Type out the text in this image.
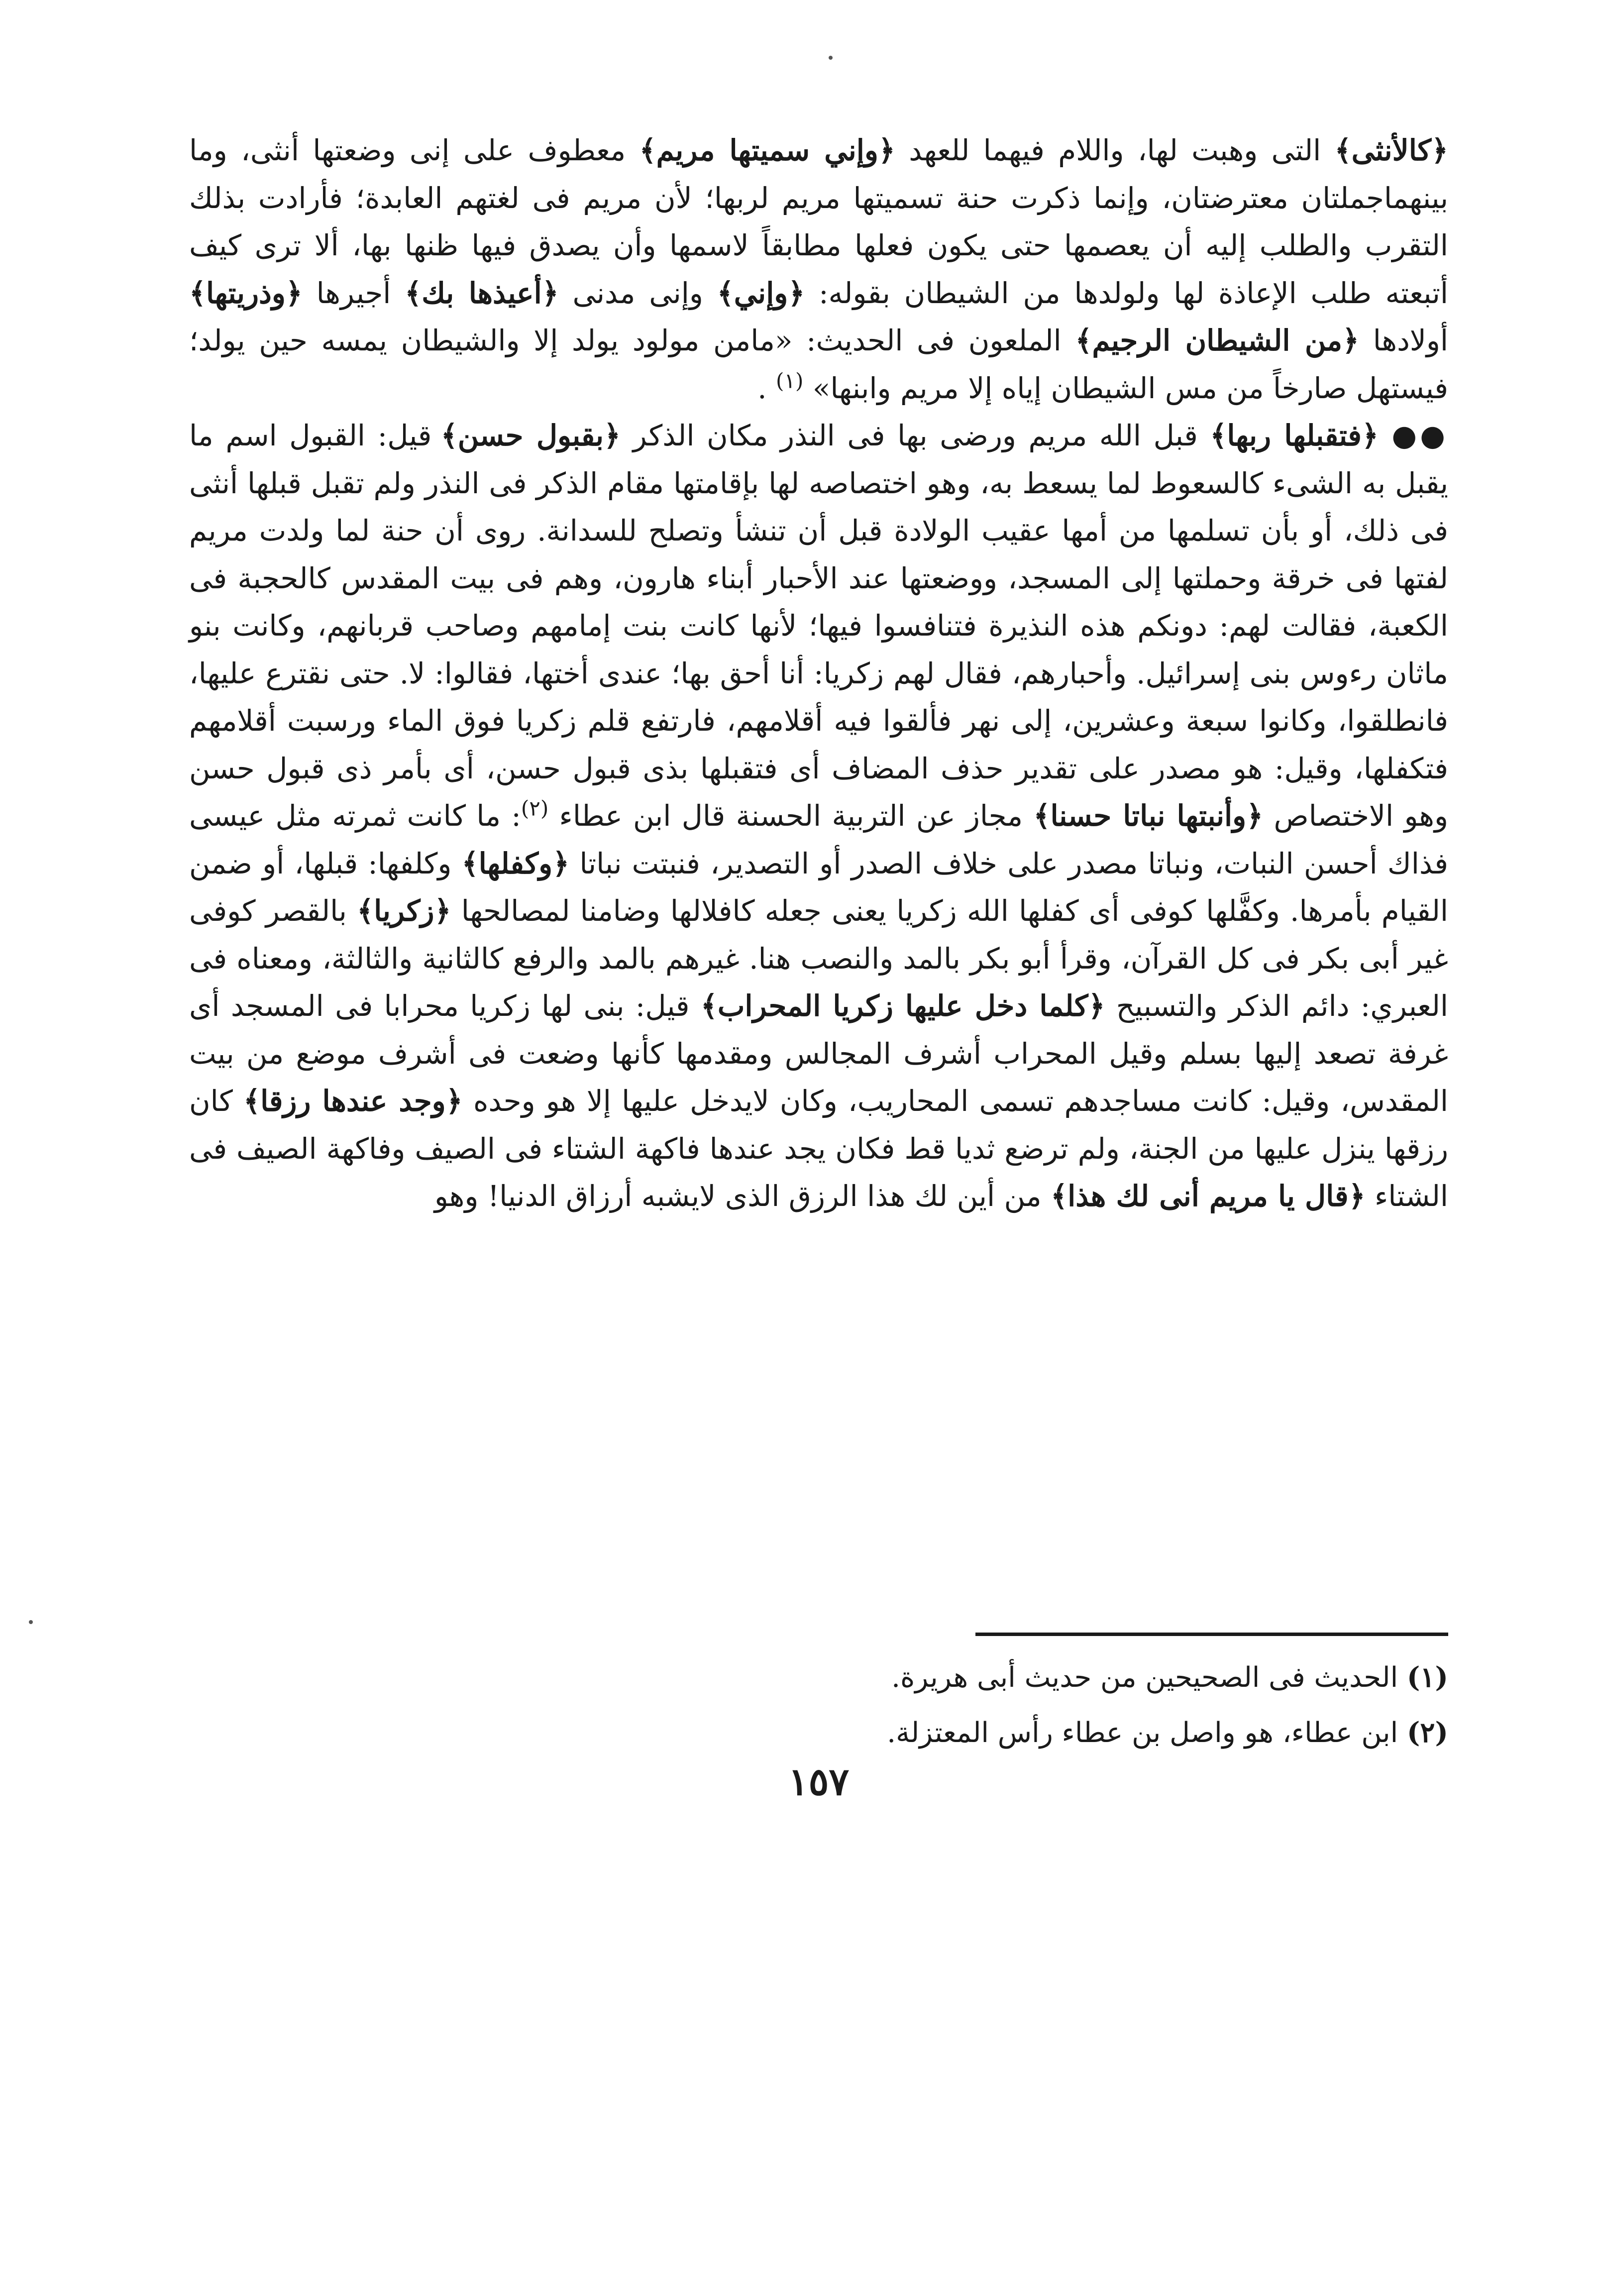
﴿كالأنثى﴾ التى وهبت لها، واللام فيهما للعهد ﴿وإني سميتها مريم﴾ معطوف على إنى وضعتها أنثى، وما بينهماجملتان معترضتان، وإنما ذكرت حنة تسميتها مريم لربها؛ لأن مريم فى لغتهم العابدة؛ فأرادت بذلك التقرب والطلب إليه أن يعصمها حتى يكون فعلها مطابقاً لاسمها وأن يصدق فيها ظنها بها، ألا ترى كيف أتبعته طلب الإعاذة لها ولولدها من الشيطان بقوله: ﴿وإني﴾ وإنى مدنى ﴿أعيذها بك﴾ أجيرها ﴿وذريتها﴾ أولادها ﴿من الشيطان الرجيم﴾ الملعون فى الحديث: «مامن مولود يولد إلا والشيطان يمسه حين يولد؛ فيستهل صارخاً من مس الشيطان إياه إلا مريم وابنها» $^{(١)}$ .

●● ﴿فتقبلها ربها﴾ قبل الله مريم ورضى بها فى النذر مكان الذكر ﴿بقبول حسن﴾ قيل: القبول اسم ما يقبل به الشىء كالسعوط لما يسعط به، وهو اختصاصه لها بإقامتها مقام الذكر فى النذر ولم تقبل قبلها أنثى فى ذلك، أو بأن تسلمها من أمها عقيب الولادة قبل أن تنشأ وتصلح للسدانة. روى أن حنة لما ولدت مريم لفتها فى خرقة وحملتها إلى المسجد، ووضعتها عند الأحبار أبناء هارون، وهم فى بيت المقدس كالحجبة فى الكعبة، فقالت لهم: دونكم هذه النذيرة فتنافسوا فيها؛ لأنها كانت بنت إمامهم وصاحب قربانهم، وكانت بنو ماثان رءوس بنى إسرائيل. وأحبارهم، فقال لهم زكريا: أنا أحق بها؛ عندى أختها، فقالوا: لا. حتى نقترع عليها، فانطلقوا، وكانوا سبعة وعشرين، إلى نهر فألقوا فيه أقلامهم، فارتفع قلم زكريا فوق الماء ورسبت أقلامهم فتكفلها، وقيل: هو مصدر على تقدير حذف المضاف أى فتقبلها بذى قبول حسن، أى بأمر ذى قبول حسن وهو الاختصاص ﴿وأنبتها نباتا حسنا﴾ مجاز عن التربية الحسنة قال ابن عطاء $^{(٢)}$: ما كانت ثمرته مثل عيسى فذاك أحسن النبات، ونباتا مصدر على خلاف الصدر أو التصدير، فنبتت نباتا ﴿وكفلها﴾ وكلفها: قبلها، أو ضمن القيام بأمرها. وكفَّلها كوفى أى كفلها الله زكريا يعنى جعله كافلالها وضامنا لمصالحها ﴿زكريا﴾ بالقصر كوفى غير أبى بكر فى كل القرآن، وقرأ أبو بكر بالمد والنصب هنا. غيرهم بالمد والرفع كالثانية والثالثة، ومعناه فى العبري: دائم الذكر والتسبيح ﴿كلما دخل عليها زكريا المحراب﴾ قيل: بنى لها زكريا محرابا فى المسجد أى غرفة تصعد إليها بسلم وقيل المحراب أشرف المجالس ومقدمها كأنها وضعت فى أشرف موضع من بيت المقدس، وقيل: كانت مساجدهم تسمى المحاريب، وكان لايدخل عليها إلا هو وحده ﴿وجد عندها رزقا﴾ كان رزقها ينزل عليها من الجنة، ولم ترضع ثديا قط فكان يجد عندها فاكهة الشتاء فى الصيف وفاكهة الصيف فى الشتاء ﴿قال يا مريم أنى لك هذا﴾ من أين لك هذا الرزق الذى لايشبه أرزاق الدنيا! وهو

(١) الحديث فى الصحيحين من حديث أبى هريرة.

(٢) ابن عطاء، هو واصل بن عطاء رأس المعتزلة.

١٥٧
